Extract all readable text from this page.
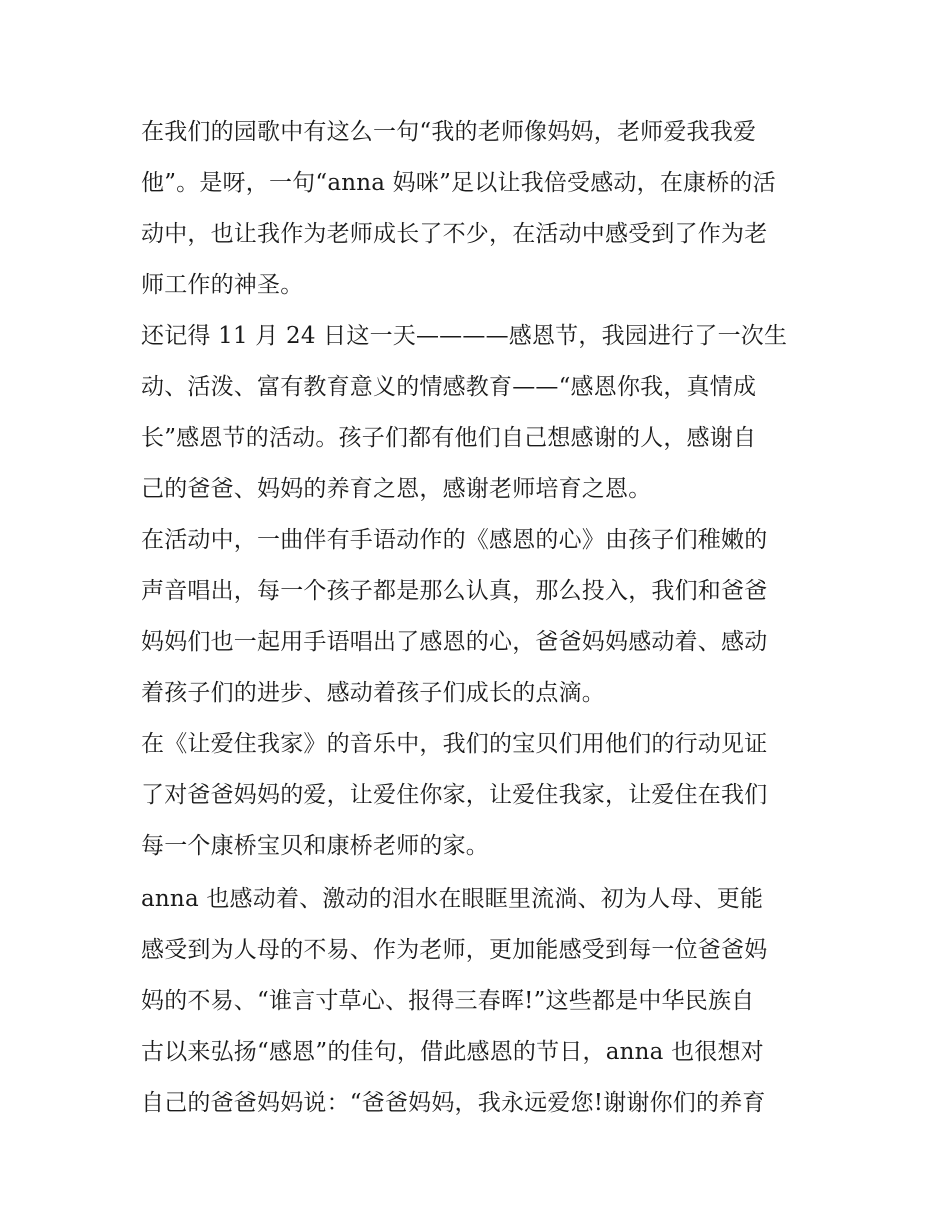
在我们的园歌中有这么一句“我的老师像妈妈，老师爱我我爱
他”。是呀，一句“anna 妈咪”足以让我倍受感动，在康桥的活
动中，也让我作为老师成长了不少，在活动中感受到了作为老
师工作的神圣。
还记得 11 月 24 日这一天————感恩节，我园进行了一次生
动、活泼、富有教育意义的情感教育——“感恩你我，真情成
长”感恩节的活动。孩子们都有他们自己想感谢的人，感谢自
己的爸爸、妈妈的养育之恩，感谢老师培育之恩。
在活动中，一曲伴有手语动作的《感恩的心》由孩子们稚嫩的
声音唱出，每一个孩子都是那么认真，那么投入，我们和爸爸
妈妈们也一起用手语唱出了感恩的心，爸爸妈妈感动着、感动
着孩子们的进步、感动着孩子们成长的点滴。
在《让爱住我家》的音乐中，我们的宝贝们用他们的行动见证
了对爸爸妈妈的爱，让爱住你家，让爱住我家，让爱住在我们
每一个康桥宝贝和康桥老师的家。
anna 也感动着、激动的泪水在眼眶里流淌、初为人母、更能
感受到为人母的不易、作为老师，更加能感受到每一位爸爸妈
妈的不易、“谁言寸草心、报得三春晖!”这些都是中华民族自
古以来弘扬“感恩”的佳句，借此感恩的节日，anna 也很想对
自己的爸爸妈妈说：“爸爸妈妈，我永远爱您!谢谢你们的养育
